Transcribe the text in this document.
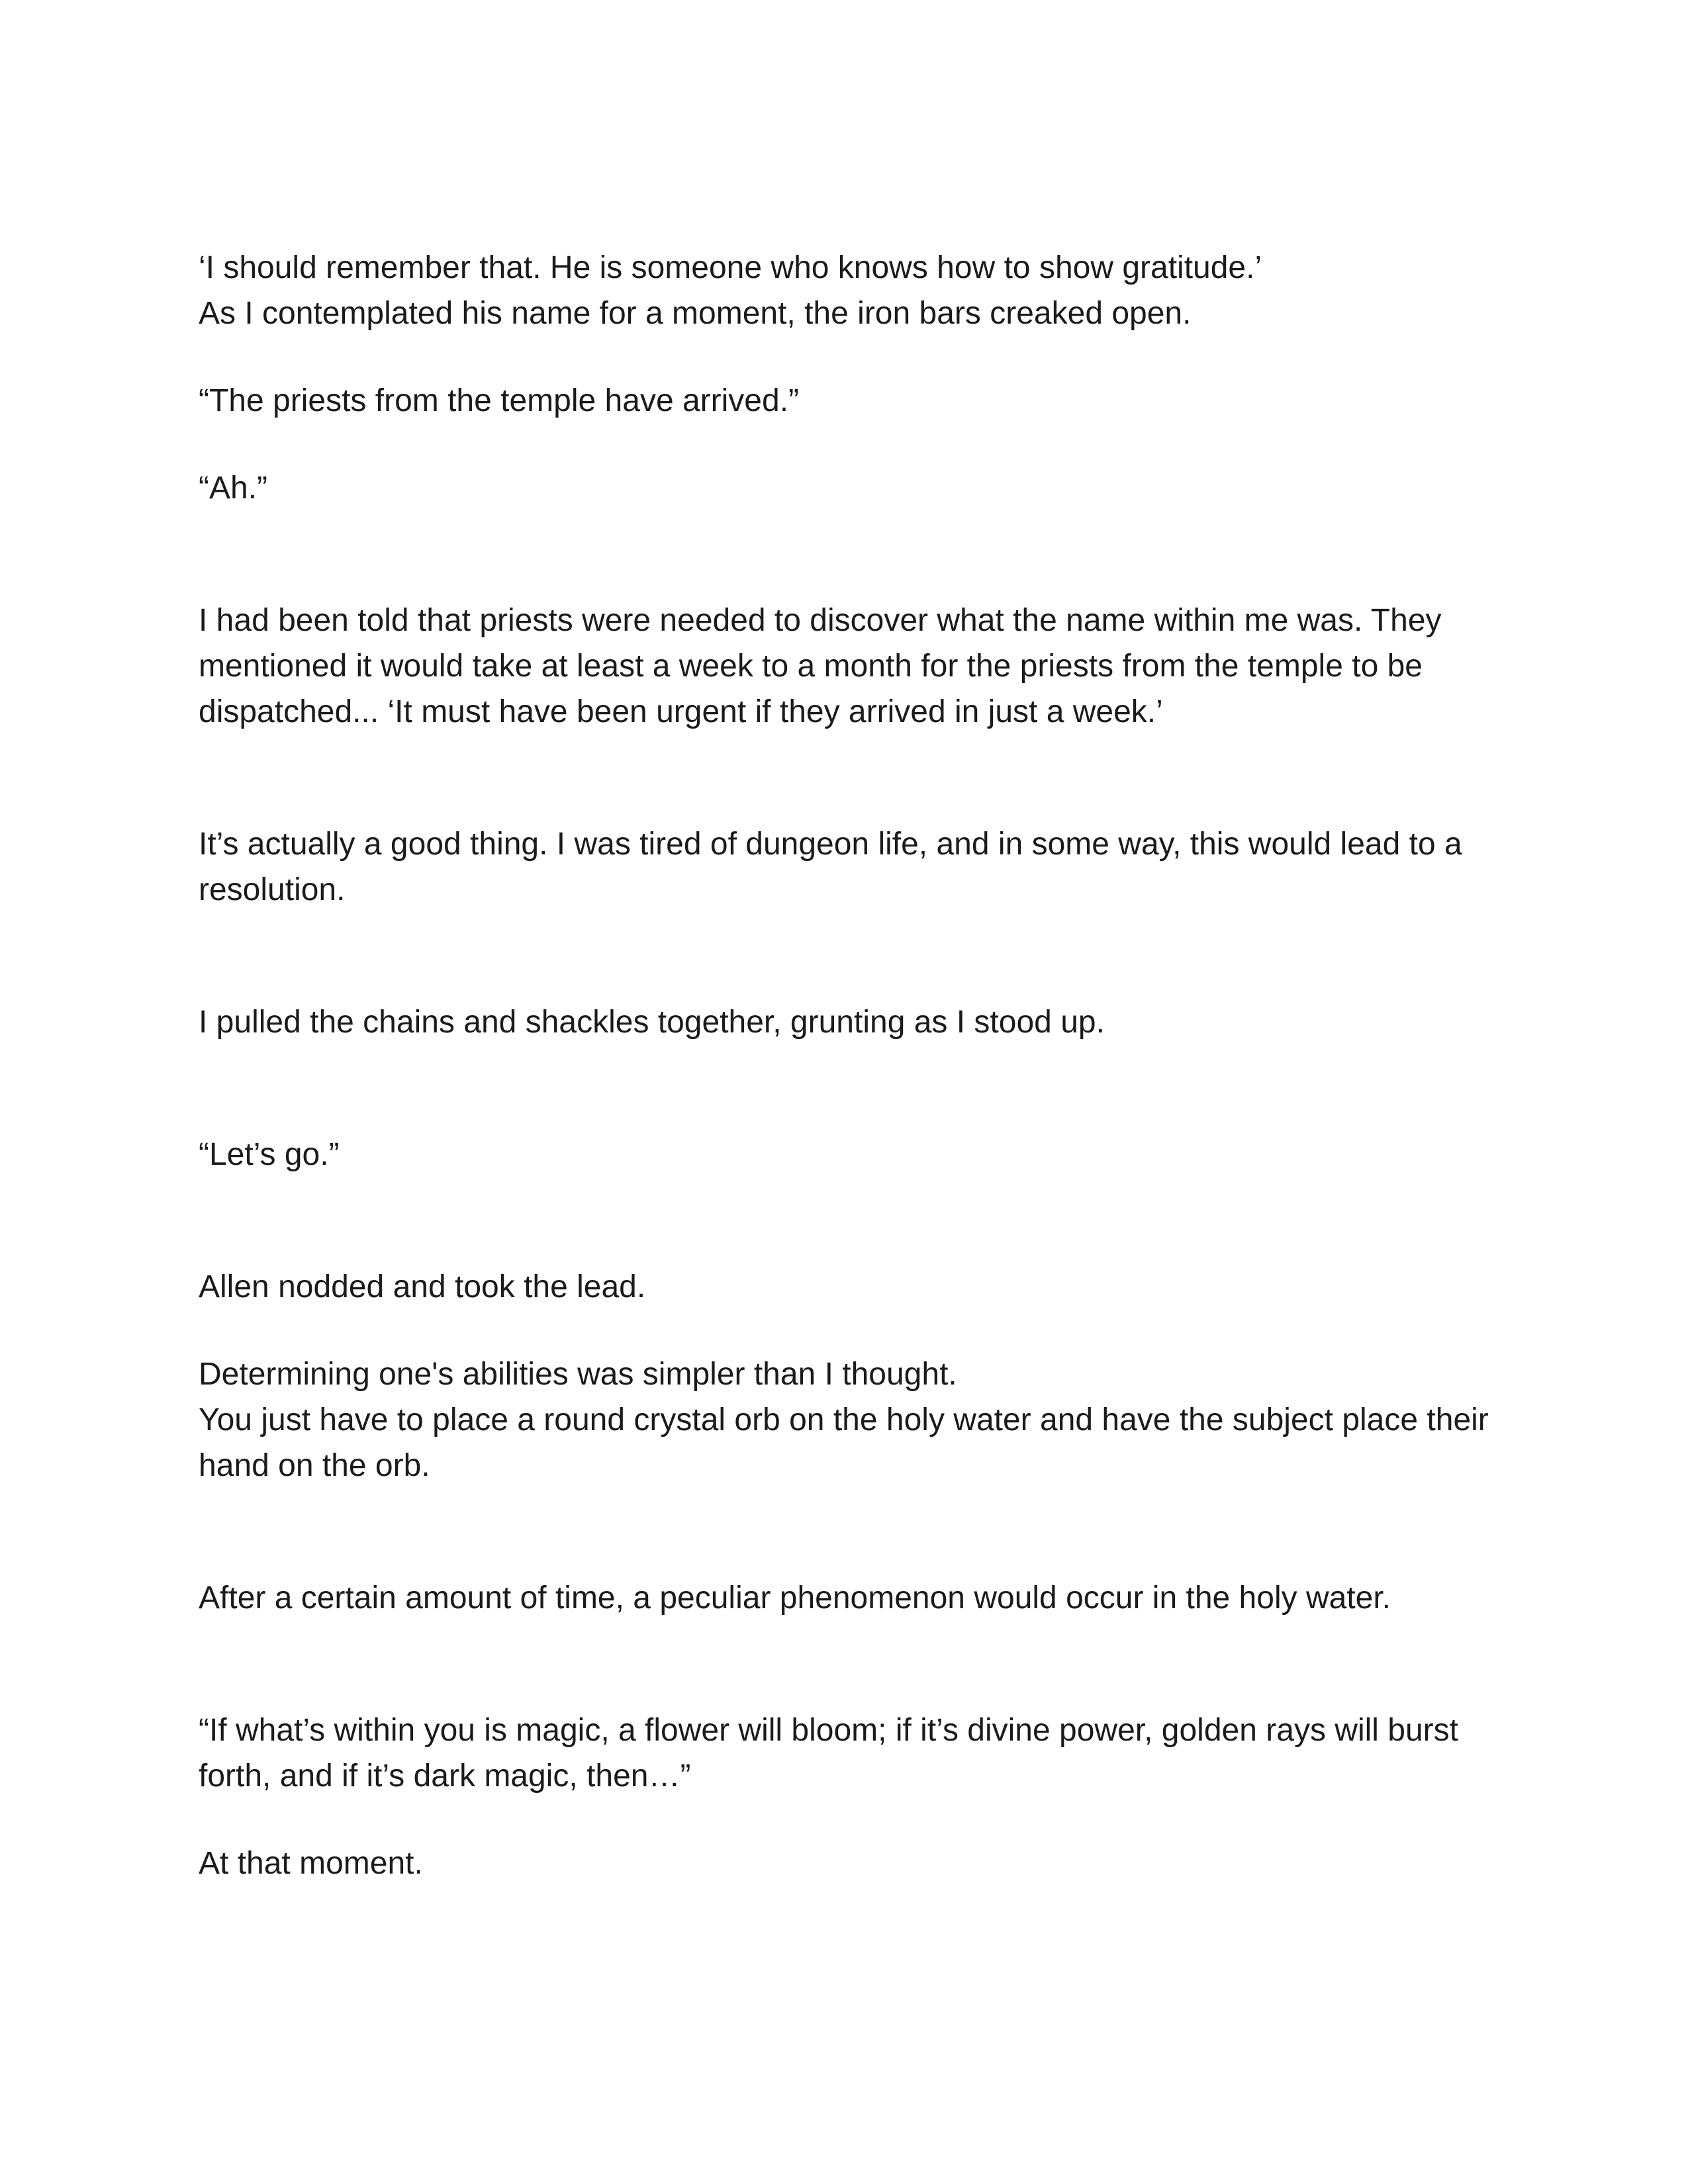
‘I should remember that. He is someone who knows how to show gratitude.’
As I contemplated his name for a moment, the iron bars creaked open.

“The priests from the temple have arrived.”

“Ah.”

I had been told that priests were needed to discover what the name within me was. They mentioned it would take at least a week to a month for the priests from the temple to be dispatched... ‘It must have been urgent if they arrived in just a week.’

It’s actually a good thing. I was tired of dungeon life, and in some way, this would lead to a resolution.

I pulled the chains and shackles together, grunting as I stood up.

“Let’s go.”

Allen nodded and took the lead.

Determining one's abilities was simpler than I thought.
You just have to place a round crystal orb on the holy water and have the subject place their hand on the orb.

After a certain amount of time, a peculiar phenomenon would occur in the holy water.

“If what’s within you is magic, a flower will bloom; if it’s divine power, golden rays will burst forth, and if it’s dark magic, then…”

At that moment.
